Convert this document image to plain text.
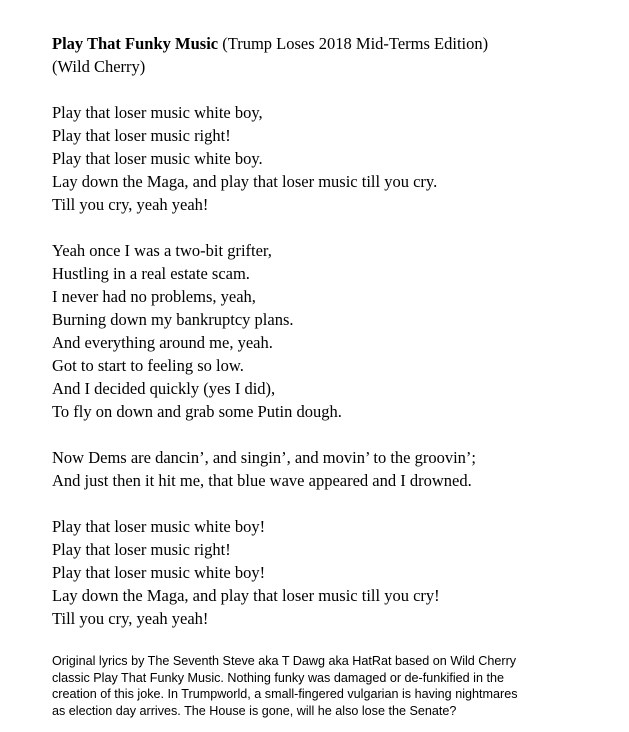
Play That Funky Music (Trump Loses 2018 Mid-Terms Edition)
(Wild Cherry)
Play that loser music white boy,
Play that loser music right!
Play that loser music white boy.
Lay down the Maga, and play that loser music till you cry.
Till you cry, yeah yeah!
Yeah once I was a two-bit grifter,
Hustling in a real estate scam.
I never had no problems, yeah,
Burning down my bankruptcy plans.
And everything around me, yeah.
Got to start to feeling so low.
And I decided quickly (yes I did),
To fly on down and grab some Putin dough.
Now Dems are dancin’, and singin’, and movin’ to the groovin’;
And just then it hit me, that blue wave appeared and I drowned.
Play that loser music white boy!
Play that loser music right!
Play that loser music white boy!
Lay down the Maga, and play that loser music till you cry!
Till you cry, yeah yeah!
Original lyrics by The Seventh Steve aka T Dawg aka HatRat based on Wild Cherry
classic Play That Funky Music. Nothing funky was damaged or de-funkified in the
creation of this joke. In Trumpworld, a small-fingered vulgarian is having nightmares
as election day arrives. The House is gone, will he also lose the Senate?
